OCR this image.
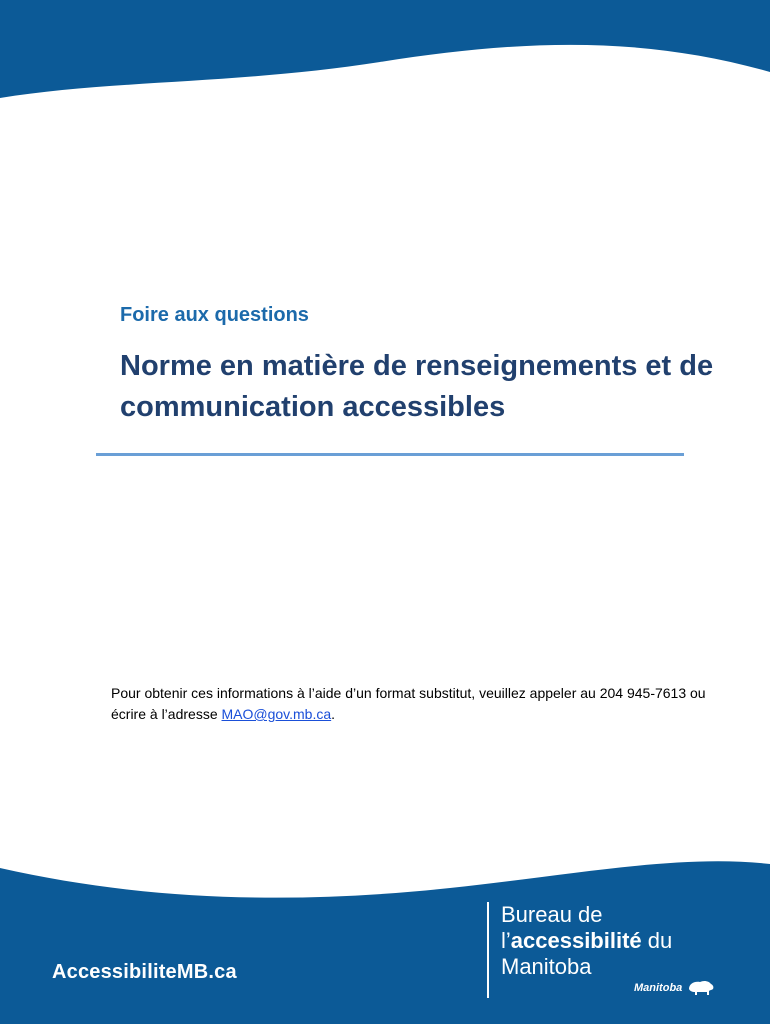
Foire aux questions
Norme en matière de renseignements et de communication accessibles

Pour obtenir ces informations à l’aide d’un format substitut, veuillez appeler au 204 945-7613 ou écrire à l’adresse MAO@gov.mb.ca.

AccessibiliteMB.ca
Bureau de
l’accessibilité du
Manitoba
Manitoba
